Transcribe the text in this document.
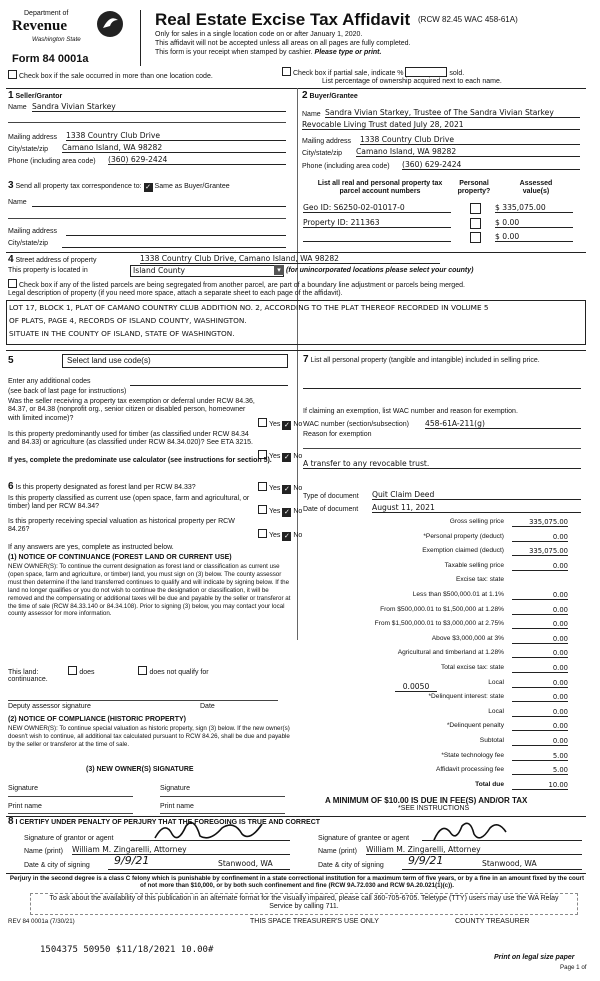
Department of
Revenue
Washington State
Form 84 0001a
Real Estate Excise Tax Affidavit (RCW 82.45 WAC 458-61A)
Only for sales in a single location code on or after January 1, 2020.
This affidavit will not be accepted unless all areas on all pages are fully completed.
This form is your receipt when stamped by cashier. Please type or print.
Check box if the sale occurred in more than one location code.	Check box if partial sale, indicate %	sold.
List percentage of ownership acquired next to each name.
1 Seller/Grantor
Name Sandra Vivian Starkey
Mailing address 1338 Country Club Drive
City/state/zip Camano Island, WA 98282
Phone (including area code) (360) 629-2424
2 Buyer/Grantee
Name Sandra Vivian Starkey, Trustee of The Sandra Vivian Starkey
Revocable Living Trust dated July 28, 2021
Mailing address 1338 Country Club Drive
City/state/zip Camano Island, WA 98282
Phone (including area code) (360) 629-2424
3 Send all property tax correspondence to: ✓ Same as Buyer/Grantee
Name
Mailing address
City/state/zip
List all real and personal property tax parcel account numbers
Personal property?
Assessed value(s)
Geo ID: S6250-02-01017-0	$ 335,075.00
Property ID: 211363	$ 0.00
$ 0.00
4 Street address of property	1338 Country Club Drive, Camano Island, WA 98282
This property is located in	Island County	▾ (for unincorporated locations please select your county)
Check box if any of the listed parcels are being segregated from another parcel, are part of a boundary line adjustment or parcels being merged.
Legal description of property (if you need more space, attach a separate sheet to each page of the affidavit).
LOT 17, BLOCK 1, PLAT OF CAMANO COUNTRY CLUB ADDITION NO. 2, ACCORDING TO THE PLAT THEREOF RECORDED IN VOLUME 5
OF PLATS, PAGE 4, RECORDS OF ISLAND COUNTY, WASHINGTON.
SITUATE IN THE COUNTY OF ISLAND, STATE OF WASHINGTON.
5	Select land use code(s)
Enter any additional codes
(see back of last page for instructions)
Was the seller receiving a property tax exemption or deferral under RCW 84.36, 84.37, or 84.38 (nonprofit org., senior citizen or disabled person, homeowner with limited income)?
Yes ✓ No
Is this property predominantly used for timber (as classified under RCW 84.34 and 84.33) or agriculture (as classified under RCW 84.34.020)? See ETA 3215.
Yes ✓ No
If yes, complete the predominate use calculator (see instructions for section 5).
6 Is this property designated as forest land per RCW 84.33?	Yes ✓ No
Is this property classified as current use (open space, farm and agricultural, or timber) land per RCW 84.34?
Yes ✓ No
Is this property receiving special valuation as historical property per RCW 84.26?
Yes ✓ No
If any answers are yes, complete as instructed below.
(1) NOTICE OF CONTINUANCE (FOREST LAND OR CURRENT USE)
NEW OWNER(S): To continue the current designation as forest land or classification as current use (open space, farm and agriculture, or timber) land, you must sign on (3) below. The county assessor must then determine if the land transferred continues to qualify and will indicate by signing below. If the land no longer qualifies or you do not wish to continue the designation or classification, it will be removed and the compensating or additional taxes will be due and payable by the seller or transferor at the time of sale (RCW 84.33.140 or 84.34.108). Prior to signing (3) below, you may contact your local county assessor for more information.
This land:	does	does not qualify for
continuance.
Deputy assessor signature	Date
(2) NOTICE OF COMPLIANCE (HISTORIC PROPERTY)
NEW OWNER(S): To continue special valuation as historic property, sign (3) below. If the new owner(s) doesn't wish to continue, all additional tax calculated pursuant to RCW 84.26, shall be due and payable by the seller or transferor at the time of sale.
(3) NEW OWNER(S) SIGNATURE
Signature	Signature
Print name	Print name
7 List all personal property (tangible and intangible) included in selling price.
If claiming an exemption, list WAC number and reason for exemption.
WAC number (section/subsection) 458-61A-211(g)
Reason for exemption
A transfer to any revocable trust.
Type of document Quit Claim Deed
Date of document August 11, 2021
Gross selling price	335,075.00
*Personal property (deduct)	0.00
Exemption claimed (deduct)	335,075.00
Taxable selling price	0.00
Excise tax: state
Less than $500,000.01 at 1.1%	0.00
From $500,000.01 to $1,500,000 at 1.28%	0.00
From $1,500,000.01 to $3,000,000 at 2.75%	0.00
Above $3,000,000 at 3%	0.00
Agricultural and timberland at 1.28%	0.00
Total excise tax: state	0.00
Local	0.00
*Delinquent interest: state	0.00
Local	0.00
*Delinquent penalty	0.00
Subtotal	0.00
*State technology fee	5.00
Affidavit processing fee	5.00
Total due	10.00
0.0050
A MINIMUM OF $10.00 IS DUE IN FEE(S) AND/OR TAX
*SEE INSTRUCTIONS
8 I CERTIFY UNDER PENALTY OF PERJURY THAT THE FOREGOING IS TRUE AND CORRECT
Signature of grantor or agent	Signature of grantee or agent
Name (print) William M. Zingarelli, Attorney	Name (print) William M. Zingarelli, Attorney
Date & city of signing 9/9/21	Stanwood, WA	Date & city of signing 9/9/21	Stanwood, WA
Perjury in the second degree is a class C felony which is punishable by confinement in a state correctional institution for a maximum term of five years, or by a fine in an amount fixed by the court of not more than $10,000, or by both such confinement and fine (RCW 9A.72.030 and RCW 9A.20.021(1)(c)).
To ask about the availability of this publication in an alternate format for the visually impaired, please call 360-705-6705. Teletype (TTY) users may use the WA Relay Service by calling 711.
REV 84 0001a (7/30/21)	THIS SPACE TREASURER'S USE ONLY	COUNTY TREASURER
1504375 50950 $11/18/2021 10.00#
Print on legal size paper
Page 1 of
